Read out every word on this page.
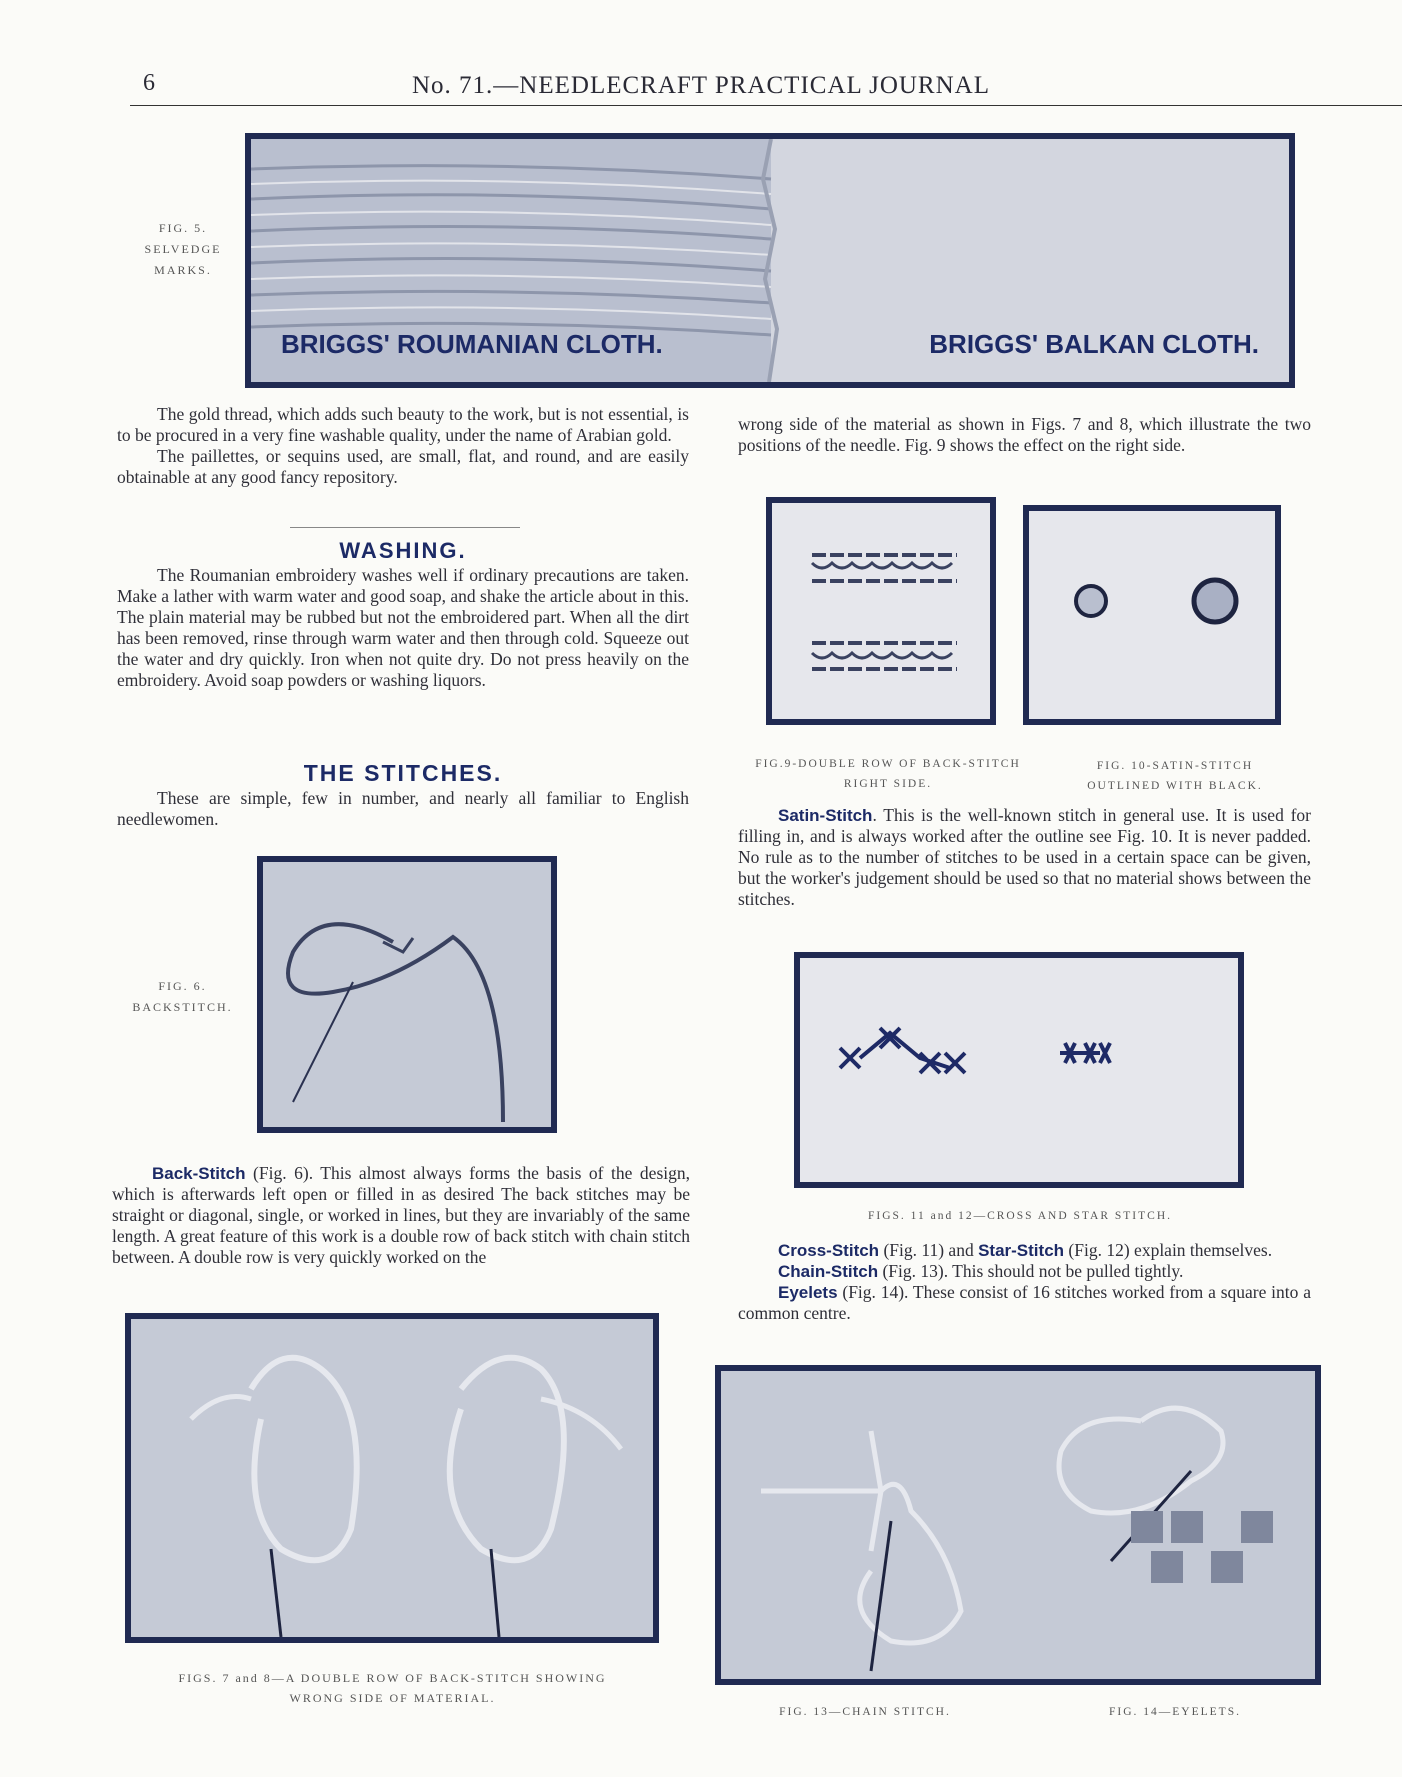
6	No. 71.—NEEDLECRAFT PRACTICAL JOURNAL
FIG. 5.
SELVEDGE
MARKS.
BRIGGS' ROUMANIAN CLOTH.	BRIGGS' BALKAN CLOTH.

The gold thread, which adds such beauty to the work, but is not essential, is to be procured in a very fine washable quality, under the name of Arabian gold.

The paillettes, or sequins used, are small, flat, and round, and are easily obtainable at any good fancy repository.

WASHING.

The Roumanian embroidery washes well if ordinary precautions are taken. Make a lather with warm water and good soap, and shake the article about in this. The plain material may be rubbed but not the embroidered part. When all the dirt has been removed, rinse through warm water and then through cold. Squeeze out the water and dry quickly. Iron when not quite dry. Do not press heavily on the embroidery. Avoid soap powders or washing liquors.

THE STITCHES.

These are simple, few in number, and nearly all familiar to English needlewomen.

FIG. 6.
BACKSTITCH.

Back-Stitch (Fig. 6). This almost always forms the basis of the design, which is afterwards left open or filled in as desired The back stitches may be straight or diagonal, single, or worked in lines, but they are invariably of the same length. A great feature of this work is a double row of back stitch with chain stitch between. A double row is very quickly worked on the

FIGS. 7 and 8—A DOUBLE ROW OF BACK-STITCH SHOWING
WRONG SIDE OF MATERIAL.

wrong side of the material as shown in Figs. 7 and 8, which illustrate the two positions of the needle. Fig. 9 shows the effect on the right side.

FIG.9-DOUBLE ROW OF BACK-STITCH
RIGHT SIDE.
FIG. 10-SATIN-STITCH
OUTLINED WITH BLACK.

Satin-Stitch. This is the well-known stitch in general use. It is used for filling in, and is always worked after the outline see Fig. 10. It is never padded. No rule as to the number of stitches to be used in a certain space can be given, but the worker's judgement should be used so that no material shows between the stitches.

FIGS. 11 and 12—CROSS AND STAR STITCH.

Cross-Stitch (Fig. 11) and Star-Stitch (Fig. 12) explain themselves.

Chain-Stitch (Fig. 13). This should not be pulled tightly.

Eyelets (Fig. 14). These consist of 16 stitches worked from a square into a common centre.

FIG. 13—CHAIN STITCH.	FIG. 14—EYELETS.
